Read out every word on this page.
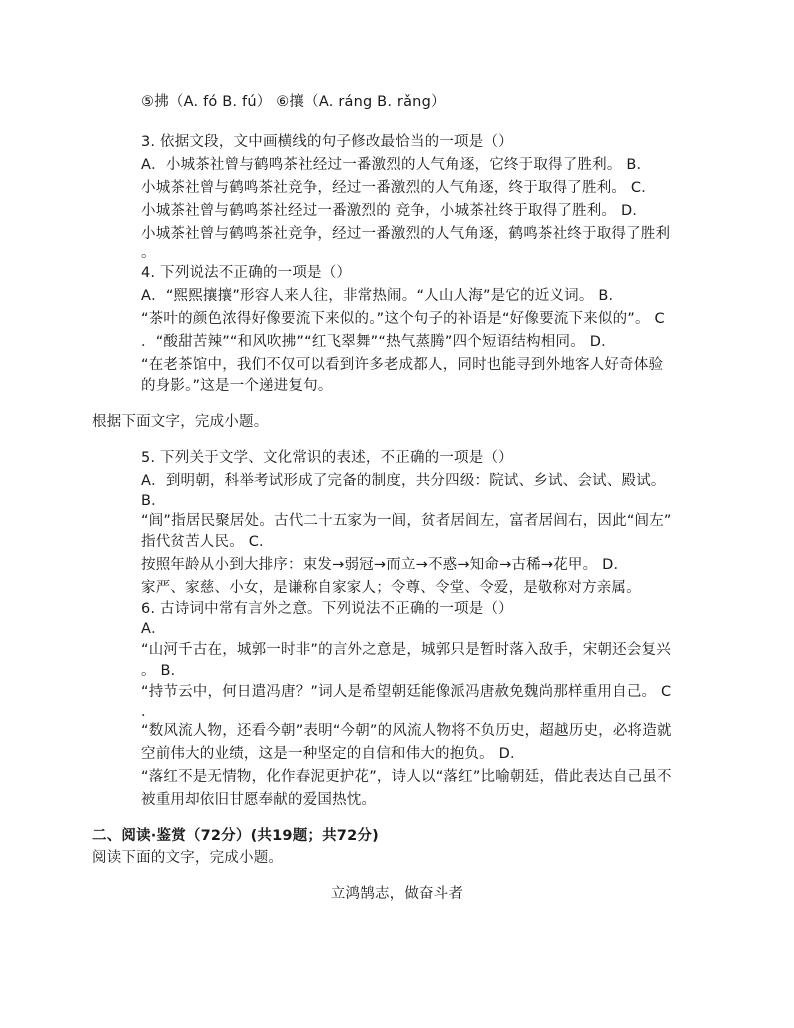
⑤拂（A. fó B. fú） ⑥攘（A. ráng B. rǎng）
3. 依据文段，文中画横线的句子修改最恰当的一项是（）
A．小城茶社曾与鹤鸣茶社经过一番激烈的人气角逐，它终于取得了胜利。 B．
小城茶社曾与鹤鸣茶社竞争，经过一番激烈的人气角逐，终于取得了胜利。 C．
小城茶社曾与鹤鸣茶社经过一番激烈的 竞争，小城茶社终于取得了胜利。 D．
小城茶社曾与鹤鸣茶社竞争，经过一番激烈的人气角逐，鹤鸣茶社终于取得了胜利
。
4. 下列说法不正确的一项是（）
A．“熙熙攘攘”形容人来人往，非常热闹。“人山人海”是它的近义词。 B．
“茶叶的颜色浓得好像要流下来似的。”这个句子的补语是“好像要流下来似的”。 C
．“酸甜苦辣”“和风吹拂”“红飞翠舞”“热气蒸腾”四个短语结构相同。 D．
“在老茶馆中，我们不仅可以看到许多老成都人，同时也能寻到外地客人好奇体验
的身影。”这是一个递进复句。
根据下面文字，完成小题。
5. 下列关于文学、文化常识的表述，不正确的一项是（）
A．到明朝，科举考试形成了完备的制度，共分四级：院试、乡试、会试、殿试。
B．
“闾”指居民聚居处。古代二十五家为一闾，贫者居闾左，富者居闾右，因此“闾左”
指代贫苦人民。 C．
按照年龄从小到大排序：束发→弱冠→而立→不惑→知命→古稀→花甲。 D．
家严、家慈、小女，是谦称自家家人；令尊、令堂、令爱，是敬称对方亲属。
6. 古诗词中常有言外之意。下列说法不正确的一项是（）
A．
“山河千古在，城郭一时非”的言外之意是，城郭只是暂时落入敌手，宋朝还会复兴
。 B．
“持节云中，何日遣冯唐？”词人是希望朝廷能像派冯唐赦免魏尚那样重用自己。 C
．
“数风流人物，还看今朝”表明“今朝”的风流人物将不负历史，超越历史，必将造就
空前伟大的业绩，这是一种坚定的自信和伟大的抱负。 D．
“落红不是无情物，化作春泥更护花”，诗人以“落红”比喻朝廷，借此表达自己虽不
被重用却依旧甘愿奉献的爱国热忱。
二、阅读·鉴赏（72分）(共19题；共72分)
阅读下面的文字，完成小题。
立鸿鹄志，做奋斗者
